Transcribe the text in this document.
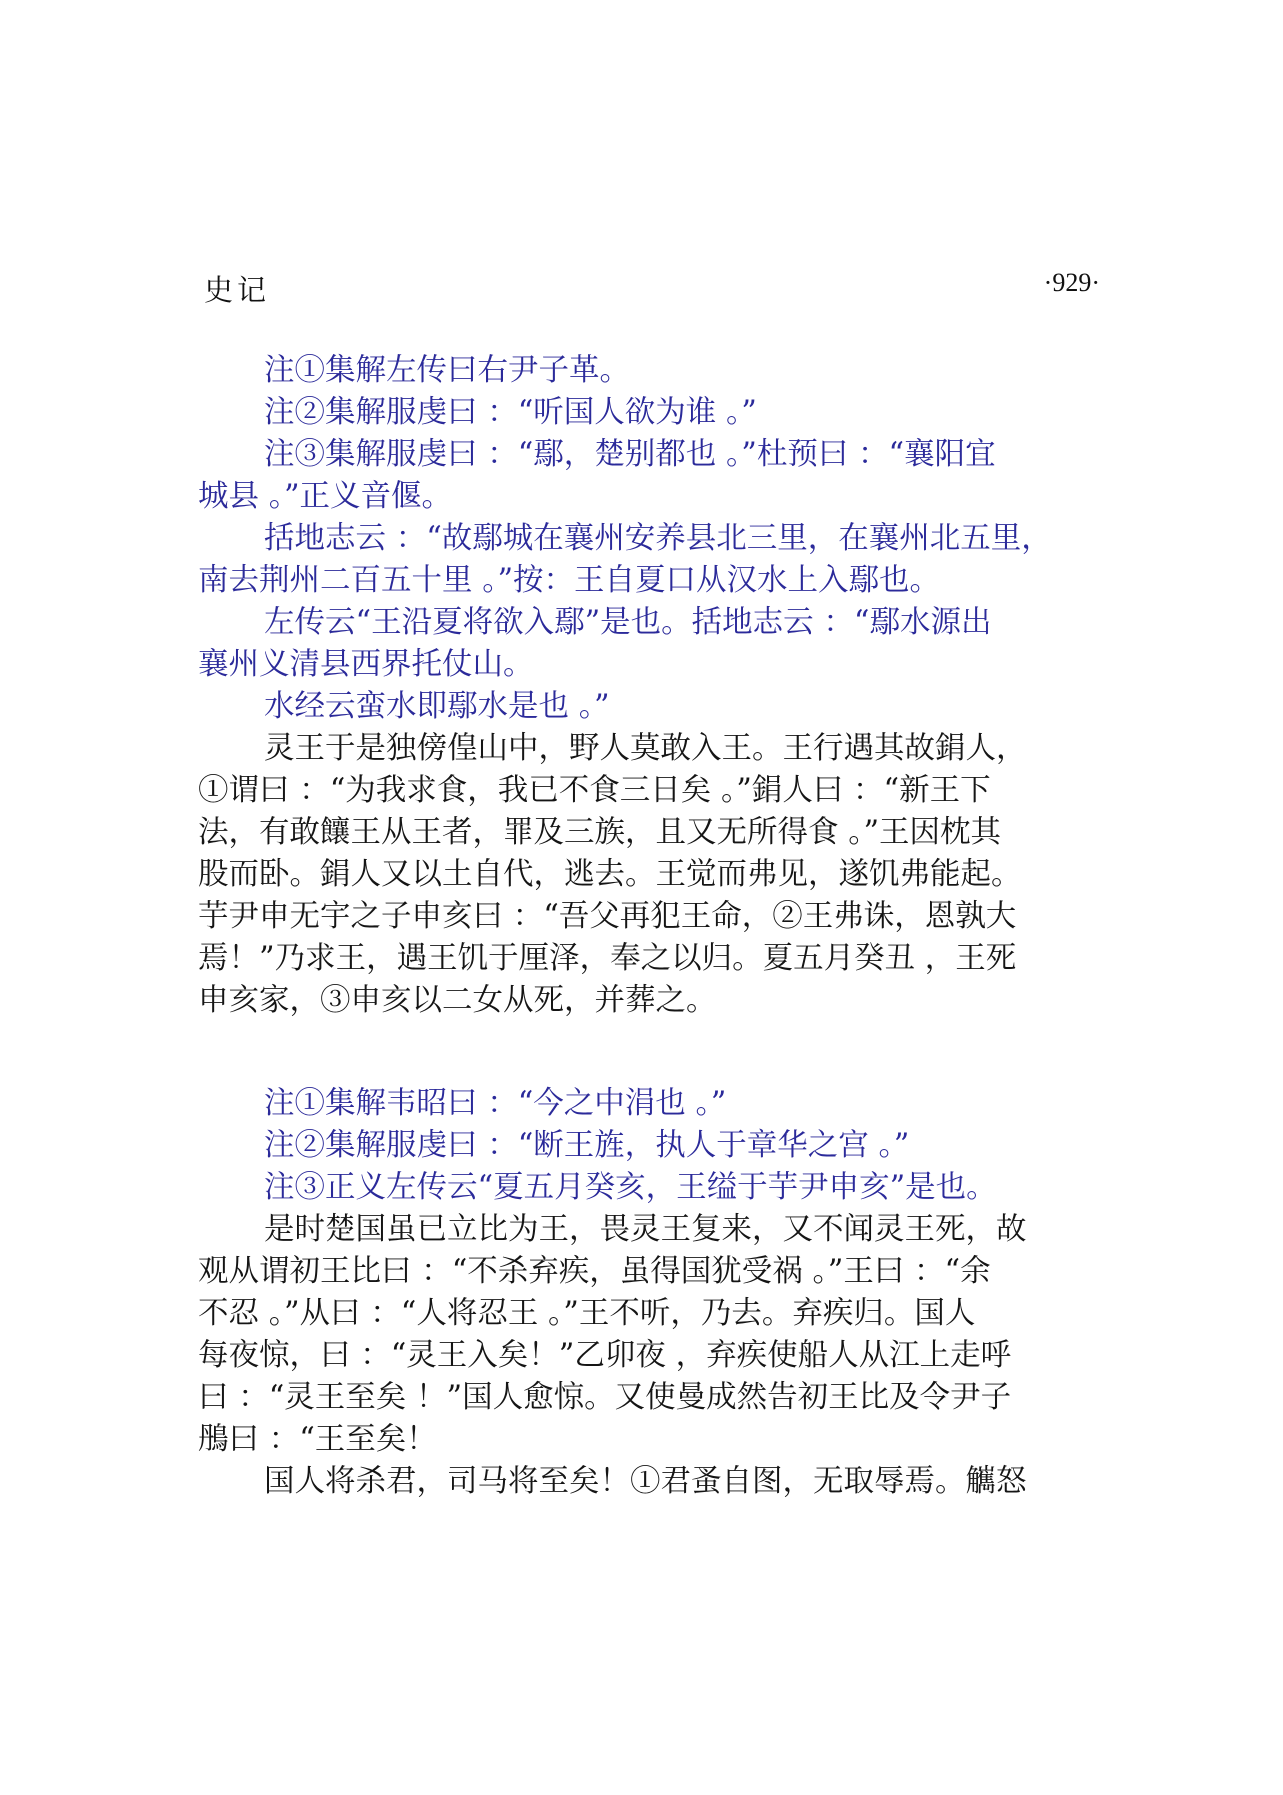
史记	·929·
注①集解左传曰右尹子革。
注②集解服虔曰 ：“听国人欲为谁 。”
注③集解服虔曰 ：“鄢，楚别都也 。”杜预曰 ：“襄阳宜
城县 。”正义音偃。
括地志云 ：“故鄢城在襄州安养县北三里，在襄州北五里，
南去荆州二百五十里 。”按：王自夏口从汉水上入鄢也。
左传云“王沿夏将欲入鄢”是也。括地志云 ：“鄢水源出
襄州义清县西界托仗山。
水经云蛮水即鄢水是也 。”
灵王于是独傍偟山中，野人莫敢入王。王行遇其故鋗人，
①谓曰 ：“为我求食，我已不食三日矣 。”鋗人曰 ：“新王下
法，有敢饟王从王者，罪及三族，且又无所得食 。”王因枕其
股而卧。鋗人又以土自代，逃去。王觉而弗见，遂饥弗能起。
芋尹申无宇之子申亥曰 ：“吾父再犯王命，②王弗诛，恩孰大
焉！”乃求王，遇王饥于厘泽，奉之以归。夏五月癸丑 ，王死
申亥家，③申亥以二女从死，并葬之。
注①集解韦昭曰 ：“今之中涓也 。”
注②集解服虔曰 ：“断王旌，执人于章华之宫 。”
注③正义左传云“夏五月癸亥，王缢于芋尹申亥”是也。
是时楚国虽已立比为王，畏灵王复来，又不闻灵王死，故
观从谓初王比曰 ：“不杀弃疾，虽得国犹受祸 。”王曰 ：“余
不忍 。”从曰 ：“人将忍王 。”王不听，乃去。弃疾归。国人
每夜惊，曰 ：“灵王入矣！”乙卯夜 ，弃疾使船人从江上走呼
曰 ：“灵王至矣 ！”国人愈惊。又使曼成然告初王比及令尹子
鴅曰 ：“王至矣！
国人将杀君，司马将至矣！①君蚤自图，无取辱焉。觽怒
